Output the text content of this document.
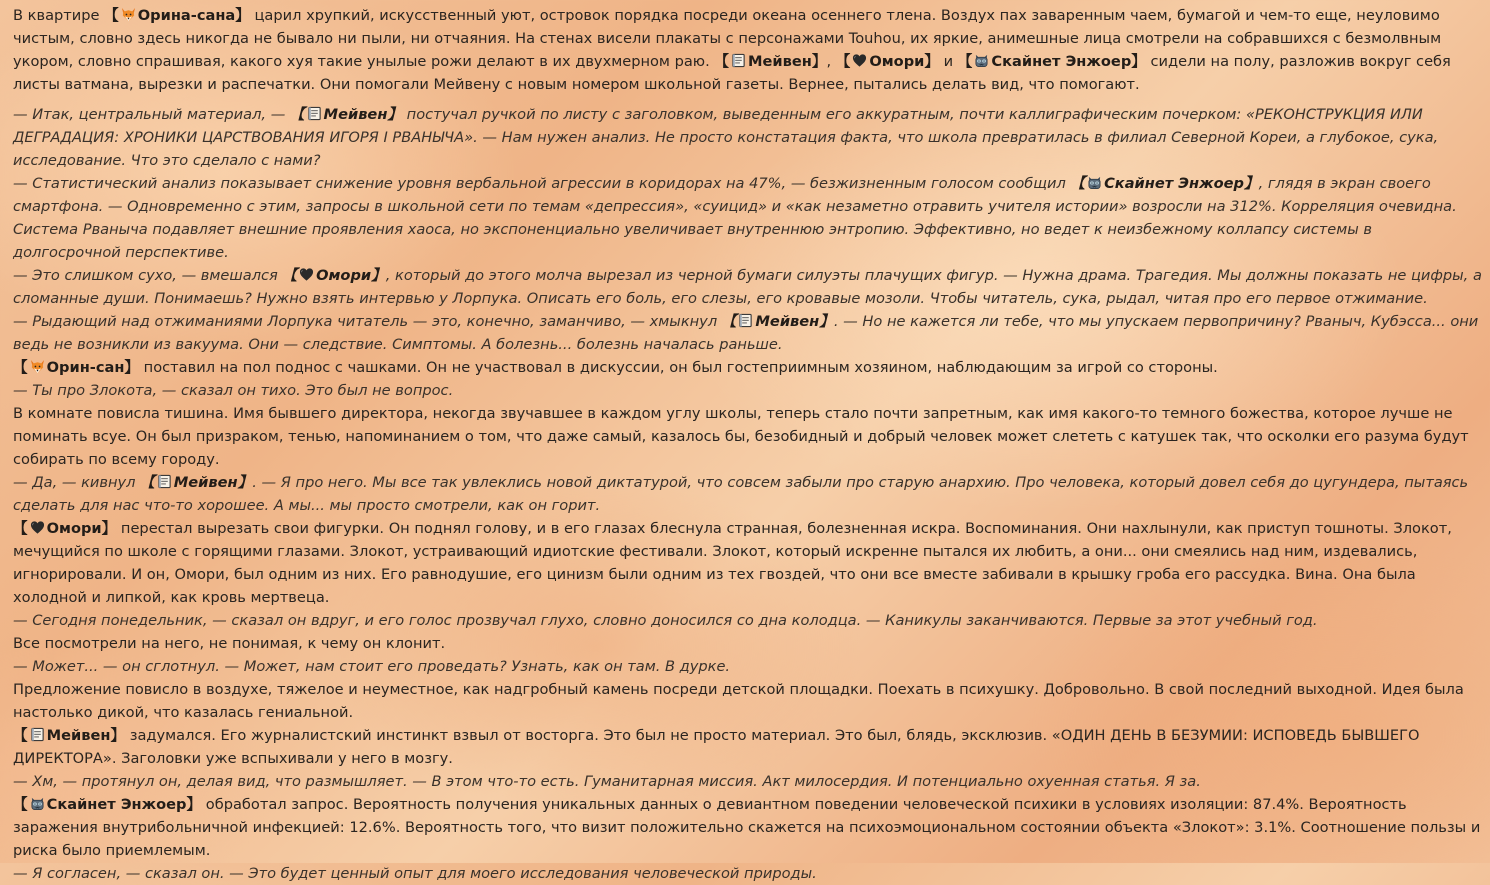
В квартире 【 Орина-сана】 царил хрупкий, искусственный уют, островок порядка посреди океана осеннего тлена. Воздух пах заваренным чаем, бумагой и чем-то еще, неуловимо чистым, словно здесь никогда не бывало ни пыли, ни отчаяния. На стенах висели плакаты с персонажами Touhou, их яркие, анимешные лица смотрели на собравшихся с безмолвным укором, словно спрашивая, какого хуя такие унылые рожи делают в их двухмерном раю. 【 Мейвен】, 【 Омори】 и 【 Скайнет Энжоер】 сидели на полу, разложив вокруг себя листы ватмана, вырезки и распечатки. Они помогали Мейвену с новым номером школьной газеты. Вернее, пытались делать вид, что помогают.

— Итак, центральный материал, — 【 Мейвен】 постучал ручкой по листу с заголовком, выведенным его аккуратным, почти каллиграфическим почерком: «РЕКОНСТРУКЦИЯ ИЛИ ДЕГРАДАЦИЯ: ХРОНИКИ ЦАРСТВОВАНИЯ ИГОРЯ I РВАНЫЧА». — Нам нужен анализ. Не просто констатация факта, что школа превратилась в филиал Северной Кореи, а глубокое, сука, исследование. Что это сделало с нами?

— Статистический анализ показывает снижение уровня вербальной агрессии в коридорах на 47%, — безжизненным голосом сообщил 【 Скайнет Энжоер】, глядя в экран своего смартфона. — Одновременно с этим, запросы в школьной сети по темам «депрессия», «суицид» и «как незаметно отравить учителя истории» возросли на 312%. Корреляция очевидна. Система Рваныча подавляет внешние проявления хаоса, но экспоненциально увеличивает внутреннюю энтропию. Эффективно, но ведет к неизбежному коллапсу системы в долгосрочной перспективе.

— Это слишком сухо, — вмешался 【 Омори】, который до этого молча вырезал из черной бумаги силуэты плачущих фигур. — Нужна драма. Трагедия. Мы должны показать не цифры, а сломанные души. Понимаешь? Нужно взять интервью у Лорпука. Описать его боль, его слезы, его кровавые мозоли. Чтобы читатель, сука, рыдал, читая про его первое отжимание.

— Рыдающий над отжиманиями Лорпука читатель — это, конечно, заманчиво, — хмыкнул 【 Мейвен】. — Но не кажется ли тебе, что мы упускаем первопричину? Рваныч, Кубэсса... они ведь не возникли из вакуума. Они — следствие. Симптомы. А болезнь... болезнь началась раньше.

【 Орин-сан】 поставил на пол поднос с чашками. Он не участвовал в дискуссии, он был гостеприимным хозяином, наблюдающим за игрой со стороны.

— Ты про Злокота, — сказал он тихо. Это был не вопрос.

В комнате повисла тишина. Имя бывшего директора, некогда звучавшее в каждом углу школы, теперь стало почти запретным, как имя какого-то темного божества, которое лучше не поминать всуе. Он был призраком, тенью, напоминанием о том, что даже самый, казалось бы, безобидный и добрый человек может слететь с катушек так, что осколки его разума будут собирать по всему городу.

— Да, — кивнул 【 Мейвен】. — Я про него. Мы все так увлеклись новой диктатурой, что совсем забыли про старую анархию. Про человека, который довел себя до цугундера, пытаясь сделать для нас что-то хорошее. А мы... мы просто смотрели, как он горит.

【 Омори】 перестал вырезать свои фигурки. Он поднял голову, и в его глазах блеснула странная, болезненная искра. Воспоминания. Они нахлынули, как приступ тошноты. Злокот, мечущийся по школе с горящими глазами. Злокот, устраивающий идиотские фестивали. Злокот, который искренне пытался их любить, а они... они смеялись над ним, издевались, игнорировали. И он, Омори, был одним из них. Его равнодушие, его цинизм были одним из тех гвоздей, что они все вместе забивали в крышку гроба его рассудка. Вина. Она была холодной и липкой, как кровь мертвеца.

— Сегодня понедельник, — сказал он вдруг, и его голос прозвучал глухо, словно доносился со дна колодца. — Каникулы заканчиваются. Первые за этот учебный год.

Все посмотрели на него, не понимая, к чему он клонит.

— Может... — он сглотнул. — Может, нам стоит его проведать? Узнать, как он там. В дурке.

Предложение повисло в воздухе, тяжелое и неуместное, как надгробный камень посреди детской площадки. Поехать в психушку. Добровольно. В свой последний выходной. Идея была настолько дикой, что казалась гениальной.

【 Мейвен】 задумался. Его журналистский инстинкт взвыл от восторга. Это был не просто материал. Это был, блядь, эксклюзив. «ОДИН ДЕНЬ В БЕЗУМИИ: ИСПОВЕДЬ БЫВШЕГО ДИРЕКТОРА». Заголовки уже вспыхивали у него в мозгу.

— Хм, — протянул он, делая вид, что размышляет. — В этом что-то есть. Гуманитарная миссия. Акт милосердия. И потенциально охуенная статья. Я за.

【 Скайнет Энжоер】 обработал запрос. Вероятность получения уникальных данных о девиантном поведении человеческой психики в условиях изоляции: 87.4%. Вероятность заражения внутрибольничной инфекцией: 12.6%. Вероятность того, что визит положительно скажется на психоэмоциональном состоянии объекта «Злокот»: 3.1%. Соотношение пользы и риска было приемлемым.

— Я согласен, — сказал он. — Это будет ценный опыт для моего исследования человеческой природы.
